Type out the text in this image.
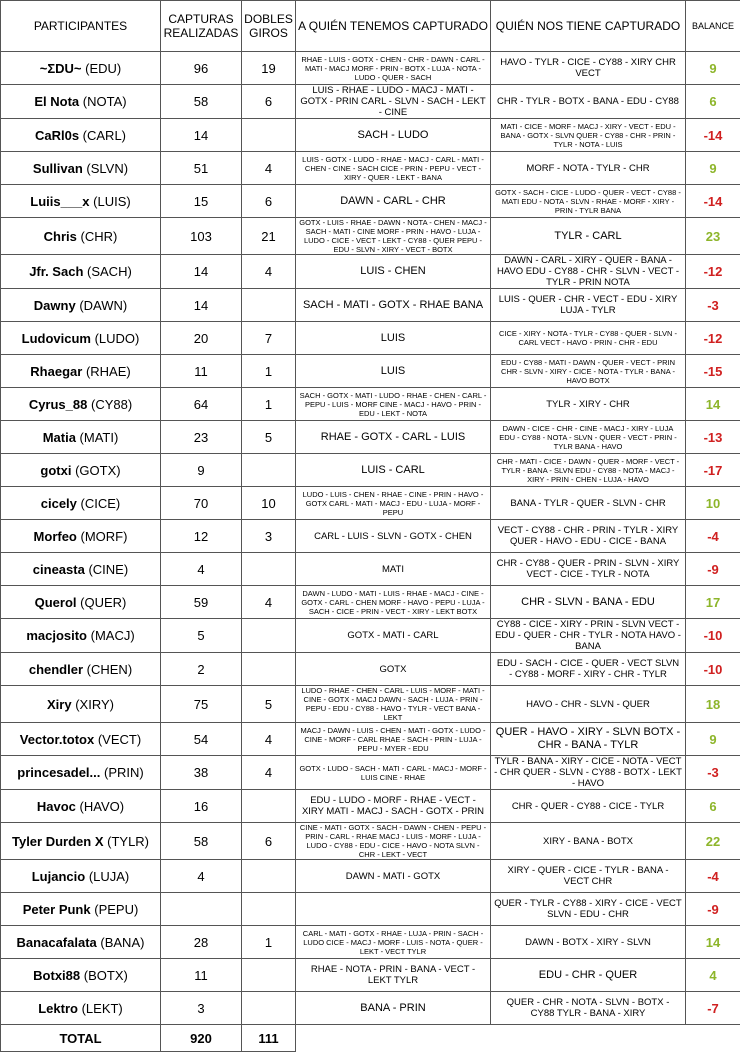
PARTICIPANTES	CAPTURAS REALIZADAS	DOBLES GIROS	A QUIÉN TENEMOS CAPTURADO	QUIÉN NOS TIENE CAPTURADO	BALANCE
~ΣDU~ (EDU)	96	19	RHAE - LUIS - GOTX - CHEN - CHR - DAWN - CARL - MATI - MACJ MORF - PRIN - BOTX - LUJA - NOTA - LUDO - QUER - SACH	HAVO - TYLR - CICE - CY88 - XIRY CHR VECT	9
El Nota (NOTA)	58	6	LUIS - RHAE - LUDO - MACJ - MATI - GOTX - PRIN CARL - SLVN - SACH - LEKT - CINE	CHR - TYLR - BOTX - BANA - EDU - CY88	6
CaRl0s (CARL)	14		SACH - LUDO	MATI - CICE - MORF - MACJ - XIRY - VECT - EDU - BANA - GOTX - SLVN QUER - CY88 - CHR - PRIN - TYLR - NOTA - LUIS	-14
Sullivan (SLVN)	51	4	LUIS - GOTX - LUDO - RHAE - MACJ - CARL - MATI - CHEN - CINE - SACH CICE - PRIN - PEPU - VECT - XIRY - QUER - LEKT - BANA	MORF - NOTA - TYLR - CHR	9
Luiis___x (LUIS)	15	6	DAWN - CARL - CHR	GOTX - SACH - CICE - LUDO - QUER - VECT - CY88 - MATI EDU - NOTA - SLVN - RHAE - MORF - XIRY - PRIN - TYLR BANA	-14
Chris (CHR)	103	21	GOTX - LUIS - RHAE - DAWN - NOTA - CHEN - MACJ - SACH - MATI - CINE MORF - PRIN - HAVO - LUJA - LUDO - CICE - VECT - LEKT - CY88 - QUER PEPU - EDU - SLVN - XIRY - VECT - BOTX	TYLR - CARL	23
Jfr. Sach (SACH)	14	4	LUIS - CHEN	DAWN - CARL - XIRY - QUER - BANA - HAVO EDU - CY88 - CHR - SLVN - VECT - TYLR - PRIN NOTA	-12
Dawny (DAWN)	14		SACH - MATI - GOTX - RHAE BANA	LUIS - QUER - CHR - VECT - EDU - XIRY LUJA - TYLR	-3
Ludovicum (LUDO)	20	7	LUIS	CICE - XIRY - NOTA - TYLR - CY88 - QUER - SLVN - CARL VECT - HAVO - PRIN - CHR - EDU	-12
Rhaegar (RHAE)	11	1	LUIS	EDU - CY88 - MATI - DAWN - QUER - VECT - PRIN CHR - SLVN - XIRY - CICE - NOTA - TYLR - BANA - HAVO BOTX	-15
Cyrus_88 (CY88)	64	1	SACH - GOTX - MATI - LUDO - RHAE - CHEN - CARL - PEPU - LUIS - MORF CINE - MACJ - HAVO - PRIN - EDU - LEKT - NOTA	TYLR - XIRY - CHR	14
Matia (MATI)	23	5	RHAE - GOTX - CARL - LUIS	DAWN - CICE - CHR - CINE - MACJ - XIRY - LUJA EDU - CY88 - NOTA - SLVN - QUER - VECT - PRIN - TYLR BANA - HAVO	-13
gotxi (GOTX)	9		LUIS - CARL	CHR - MATI - CICE - DAWN - QUER - MORF - VECT - TYLR - BANA - SLVN EDU - CY88 - NOTA - MACJ - XIRY - PRIN - CHEN - LUJA - HAVO	-17
cicely (CICE)	70	10	LUDO - LUIS - CHEN - RHAE - CINE - PRIN - HAVO - GOTX CARL - MATI - MACJ - EDU - LUJA - MORF - PEPU	BANA - TYLR - QUER - SLVN - CHR	10
Morfeo (MORF)	12	3	CARL - LUIS - SLVN - GOTX - CHEN	VECT - CY88 - CHR - PRIN - TYLR - XIRY QUER - HAVO - EDU - CICE - BANA	-4
cineasta (CINE)	4		MATI	CHR - CY88 - QUER - PRIN - SLVN - XIRY VECT - CICE - TYLR - NOTA	-9
Querol (QUER)	59	4	DAWN - LUDO - MATI - LUIS - RHAE - MACJ - CINE - GOTX - CARL - CHEN MORF - HAVO - PEPU - LUJA - SACH - CICE - PRIN - VECT - XIRY - LEKT BOTX	CHR - SLVN - BANA - EDU	17
macjosito (MACJ)	5		GOTX - MATI - CARL	CY88 - CICE - XIRY - PRIN - SLVN VECT - EDU - QUER - CHR - TYLR - NOTA HAVO - BANA	-10
chendler (CHEN)	2		GOTX	EDU - SACH - CICE - QUER - VECT SLVN - CY88 - MORF - XIRY - CHR - TYLR	-10
Xiry (XIRY)	75	5	LUDO - RHAE - CHEN - CARL - LUIS - MORF - MATI - CINE - GOTX - MACJ DAWN - SACH - LUJA - PRIN - PEPU - EDU - CY88 - HAVO - TYLR - VECT BANA - LEKT	HAVO - CHR - SLVN - QUER	18
Vector.totox (VECT)	54	4	MACJ - DAWN - LUIS - CHEN - MATI - GOTX - LUDO - CINE - MORF - CARL RHAE - SACH - PRIN - LUJA - PEPU - MYER - EDU	QUER - HAVO - XIRY - SLVN BOTX - CHR - BANA - TYLR	9
princesadel... (PRIN)	38	4	GOTX - LUDO - SACH - MATI - CARL - MACJ - MORF - LUIS CINE - RHAE	TYLR - BANA - XIRY - CICE - NOTA - VECT - CHR QUER - SLVN - CY88 - BOTX - LEKT - HAVO	-3
Havoc (HAVO)	16		EDU - LUDO - MORF - RHAE - VECT - XIRY MATI - MACJ - SACH - GOTX - PRIN	CHR - QUER - CY88 - CICE - TYLR	6
Tyler Durden X (TYLR)	58	6	CINE - MATI - GOTX - SACH - DAWN - CHEN - PEPU - PRIN - CARL - RHAE MACJ - LUIS - MORF - LUJA - LUDO - CY88 - EDU - CICE - HAVO - NOTA SLVN - CHR - LEKT - VECT	XIRY - BANA - BOTX	22
Lujancio (LUJA)	4		DAWN - MATI - GOTX	XIRY - QUER - CICE - TYLR - BANA - VECT CHR	-4
Peter Punk (PEPU)				QUER - TYLR - CY88 - XIRY - CICE - VECT SLVN - EDU - CHR	-9
Banacafalata (BANA)	28	1	CARL - MATI - GOTX - RHAE - LUJA - PRIN - SACH - LUDO CICE - MACJ - MORF - LUIS - NOTA - QUER - LEKT - VECT TYLR	DAWN - BOTX - XIRY - SLVN	14
Botxi88 (BOTX)	11		RHAE - NOTA - PRIN - BANA - VECT - LEKT TYLR	EDU - CHR - QUER	4
Lektro (LEKT)	3		BANA - PRIN	QUER - CHR - NOTA - SLVN - BOTX - CY88 TYLR - BANA - XIRY	-7
TOTAL	920	111			
